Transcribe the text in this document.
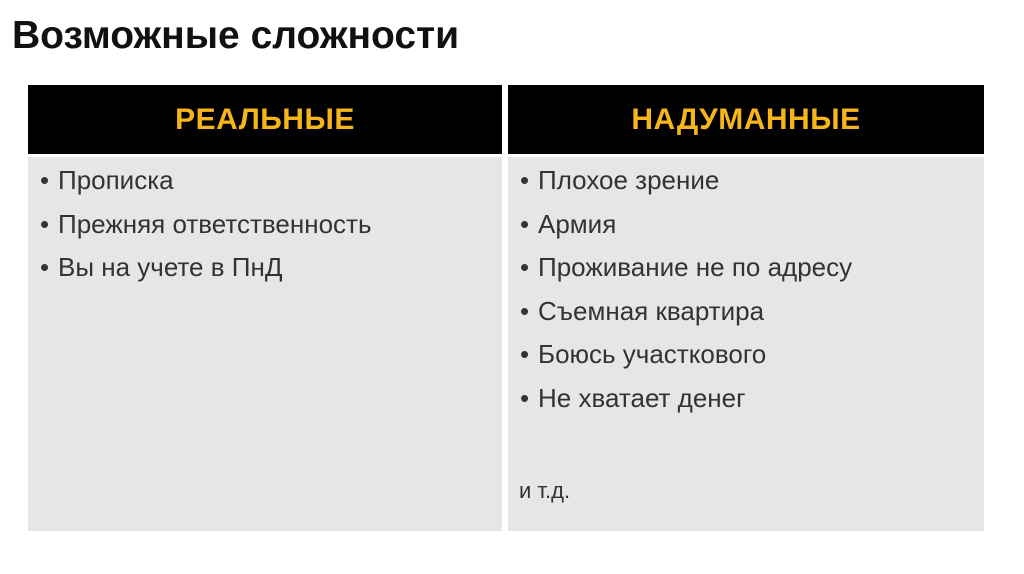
Возможные сложности
РЕАЛЬНЫЕ
• Прописка
• Прежняя ответственность
• Вы на учете в ПнД
НАДУМАННЫЕ
• Плохое зрение
• Армия
• Проживание не по адресу
• Съемная квартира
• Боюсь участкового
• Не хватает денег
и т.д.
